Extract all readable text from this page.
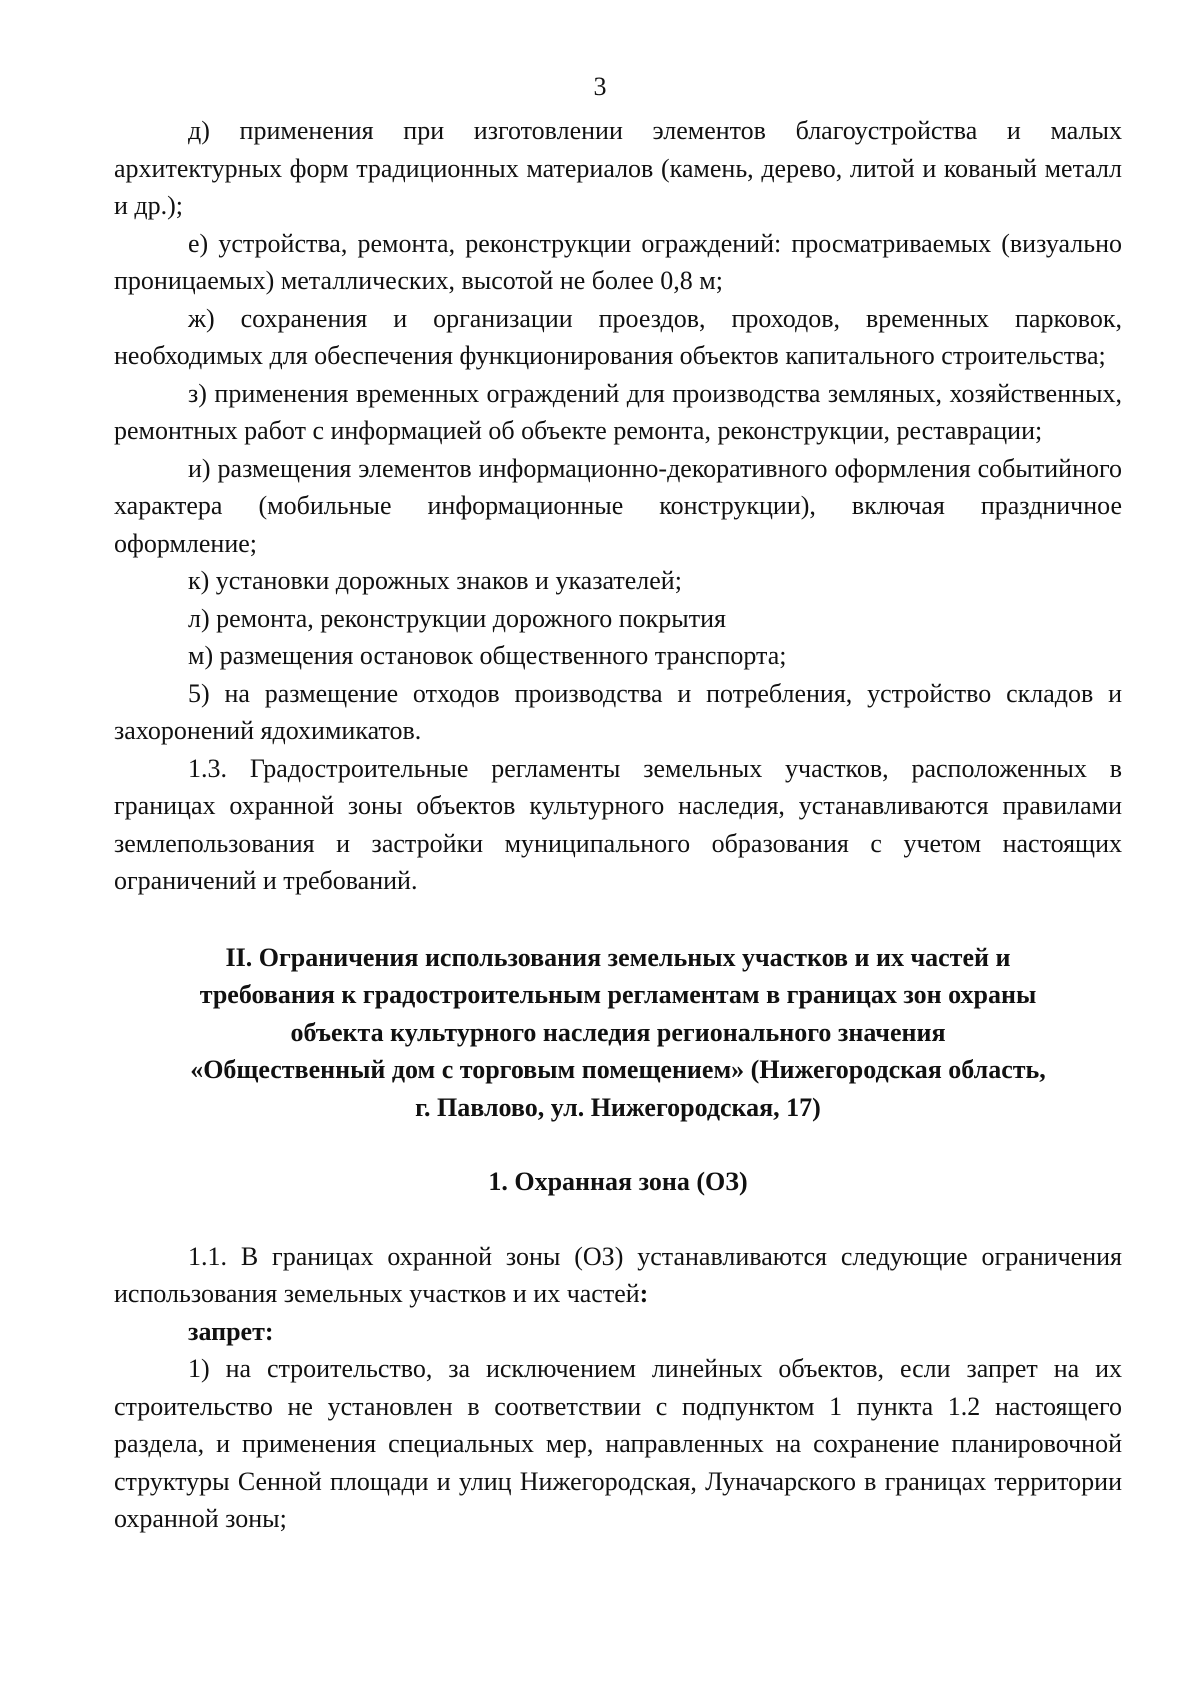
3

д) применения при изготовлении элементов благоустройства и малых архитектурных форм традиционных материалов (камень, дерево, литой и кованый металл и др.);

е) устройства, ремонта, реконструкции ограждений: просматриваемых (визуально проницаемых) металлических, высотой не более 0,8 м;

ж) сохранения и организации проездов, проходов, временных парковок, необходимых для обеспечения функционирования объектов капитального строительства;

з) применения временных ограждений для производства земляных, хозяйственных, ремонтных работ с информацией об объекте ремонта, реконструкции, реставрации;

и) размещения элементов информационно-декоративного оформления событийного характера (мобильные информационные конструкции), включая праздничное оформление;

к) установки дорожных знаков и указателей;

л) ремонта, реконструкции дорожного покрытия

м) размещения остановок общественного транспорта;

5) на размещение отходов производства и потребления, устройство складов и захоронений ядохимикатов.

1.3. Градостроительные регламенты земельных участков, расположенных в границах охранной зоны объектов культурного наследия, устанавливаются правилами землепользования и застройки муниципального образования с учетом настоящих ограничений и требований.

II. Ограничения использования земельных участков и их частей и

требования к градостроительным регламентам в границах зон охраны

объекта культурного наследия регионального значения

«Общественный дом с торговым помещением» (Нижегородская область,

г. Павлово, ул. Нижегородская, 17)

1. Охранная зона (ОЗ)

1.1. В границах охранной зоны (ОЗ) устанавливаются следующие ограничения использования земельных участков и их частей:

запрет:

1) на строительство, за исключением линейных объектов, если запрет на их строительство не установлен в соответствии с подпунктом 1 пункта 1.2 настоящего раздела, и применения специальных мер, направленных на сохранение планировочной структуры Сенной площади и улиц Нижегородская, Луначарского в границах территории охранной зоны;
